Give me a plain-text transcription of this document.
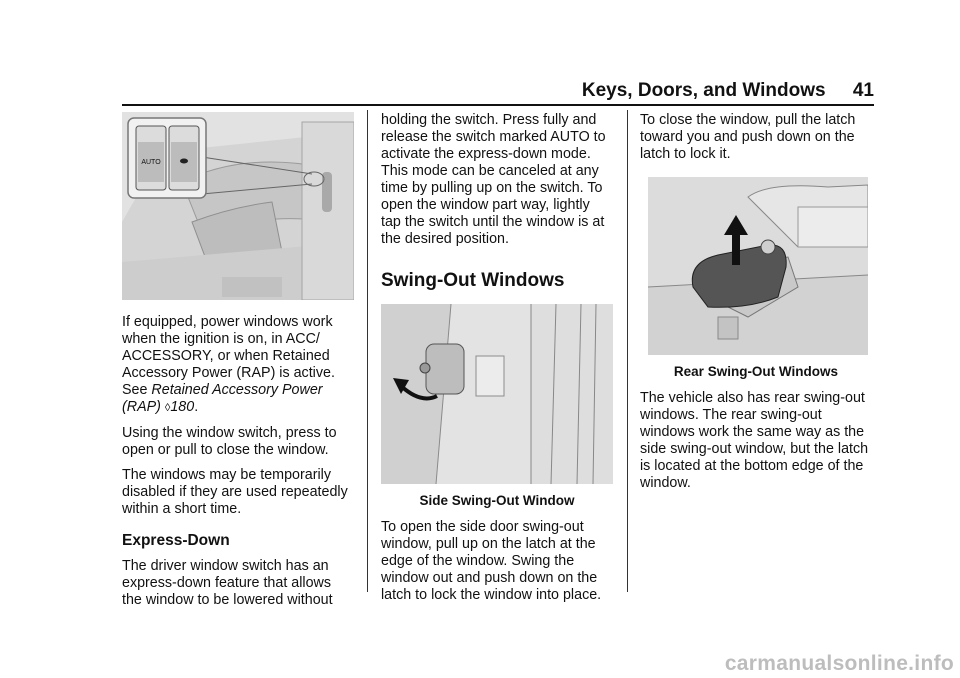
Keys, Doors, and Windows 41
AUTO

If equipped, power windows work when the ignition is on, in ACC/ ACCESSORY, or when Retained Accessory Power (RAP) is active. See Retained Accessory Power (RAP) ◊180.

Using the window switch, press to open or pull to close the window.

The windows may be temporarily disabled if they are used repeatedly within a short time.

Express-Down

The driver window switch has an express-down feature that allows the window to be lowered without

holding the switch. Press fully and release the switch marked AUTO to activate the express-down mode. This mode can be canceled at any time by pulling up on the switch. To open the window part way, lightly tap the switch until the window is at the desired position.

Swing-Out Windows
Side Swing-Out Window

To open the side door swing-out window, pull up on the latch at the edge of the window. Swing the window out and push down on the latch to lock the window into place.

To close the window, pull the latch toward you and push down on the latch to lock it.

Rear Swing-Out Windows

The vehicle also has rear swing-out windows. The rear swing-out windows work the same way as the side swing-out window, but the latch is located at the bottom edge of the window.

carmanualsonline.info
